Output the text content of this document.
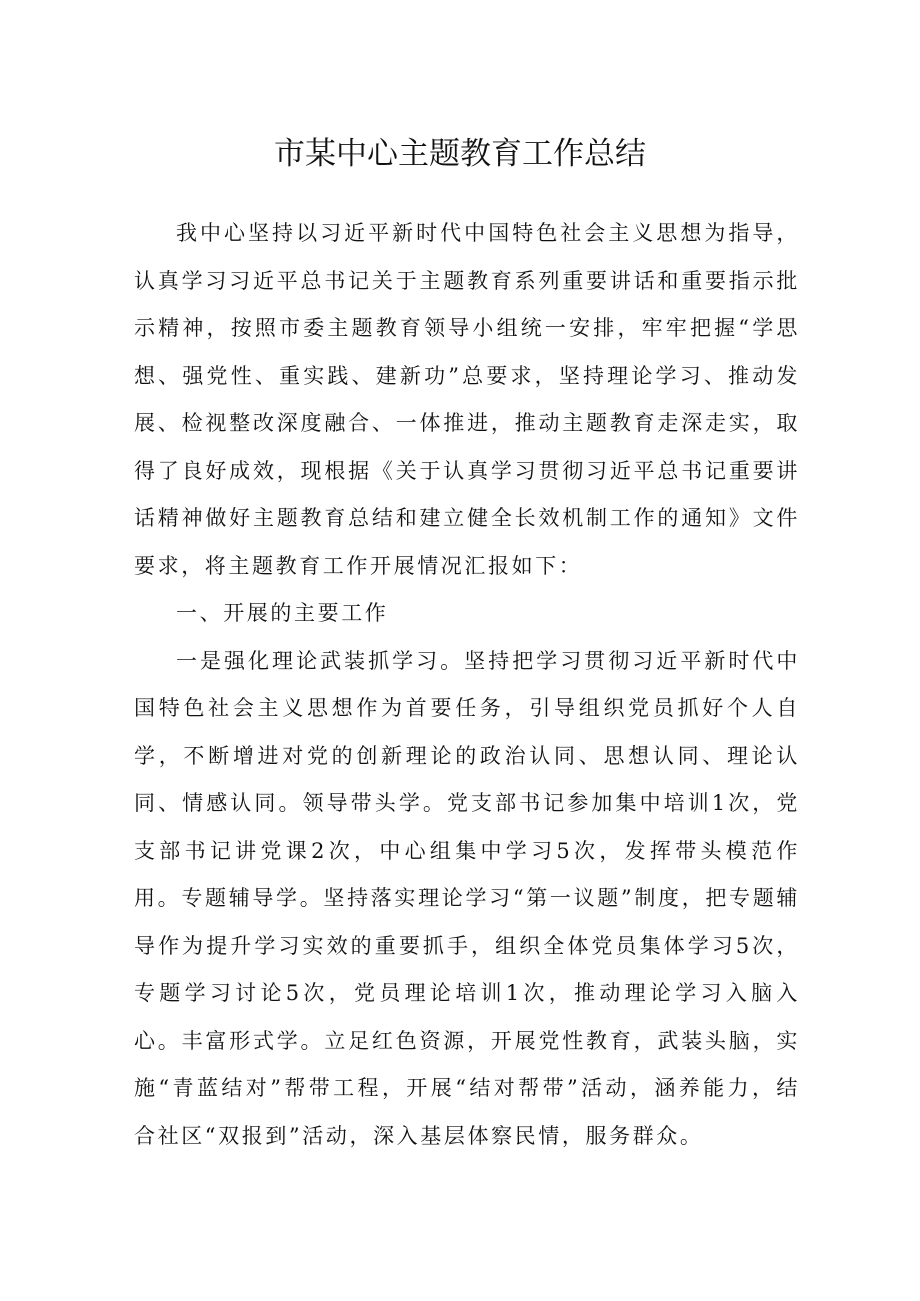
市某中心主题教育工作总结

我中心坚持以习近平新时代中国特色社会主义思想为指导，认真学习习近平总书记关于主题教育系列重要讲话和重要指示批示精神，按照市委主题教育领导小组统一安排，牢牢把握“学思想、强党性、重实践、建新功”总要求，坚持理论学习、推动发展、检视整改深度融合、一体推进，推动主题教育走深走实，取得了良好成效，现根据《关于认真学习贯彻习近平总书记重要讲话精神做好主题教育总结和建立健全长效机制工作的通知》文件要求，将主题教育工作开展情况汇报如下：

一、开展的主要工作

一是强化理论武装抓学习。坚持把学习贯彻习近平新时代中国特色社会主义思想作为首要任务，引导组织党员抓好个人自学，不断增进对党的创新理论的政治认同、思想认同、理论认同、情感认同。领导带头学。党支部书记参加集中培训1次，党支部书记讲党课2次，中心组集中学习5次，发挥带头模范作用。专题辅导学。坚持落实理论学习“第一议题”制度，把专题辅导作为提升学习实效的重要抓手，组织全体党员集体学习5次，专题学习讨论5次，党员理论培训1次，推动理论学习入脑入心。丰富形式学。立足红色资源，开展党性教育，武装头脑，实施“青蓝结对”帮带工程，开展“结对帮带”活动，涵养能力，结合社区“双报到”活动，深入基层体察民情，服务群众。
